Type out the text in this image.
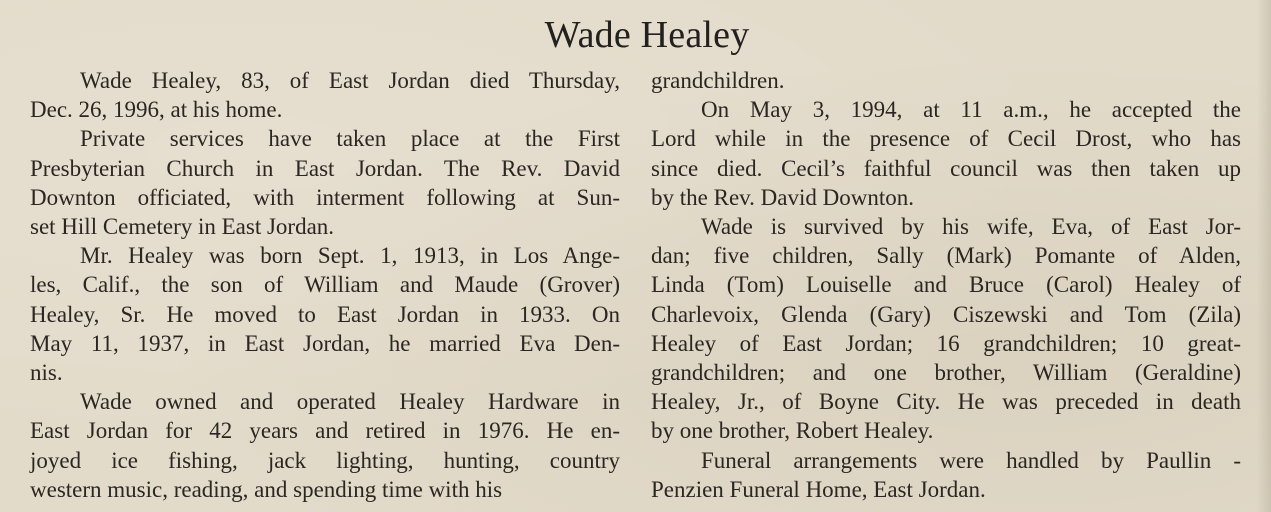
Wade Healey

Wade Healey, 83, of East Jordan died Thursday,
Dec. 26, 1996, at his home.

Private services have taken place at the First
Presbyterian Church in East Jordan. The Rev. David
Downton officiated, with interment following at Sun-
set Hill Cemetery in East Jordan.

Mr. Healey was born Sept. 1, 1913, in Los Ange-
les, Calif., the son of William and Maude (Grover)
Healey, Sr. He moved to East Jordan in 1933. On
May 11, 1937, in East Jordan, he married Eva Den-
nis.

Wade owned and operated Healey Hardware in
East Jordan for 42 years and retired in 1976. He en-
joyed ice fishing, jack lighting, hunting, country
western music, reading, and spending time with his

grandchildren.

On May 3, 1994, at 11 a.m., he accepted the
Lord while in the presence of Cecil Drost, who has
since died. Cecil’s faithful council was then taken up
by the Rev. David Downton.

Wade is survived by his wife, Eva, of East Jor-
dan; five children, Sally (Mark) Pomante of Alden,
Linda (Tom) Louiselle and Bruce (Carol) Healey of
Charlevoix, Glenda (Gary) Ciszewski and Tom (Zila)
Healey of East Jordan; 16 grandchildren; 10 great-
grandchildren; and one brother, William (Geraldine)
Healey, Jr., of Boyne City. He was preceded in death
by one brother, Robert Healey.

Funeral arrangements were handled by Paullin -
Penzien Funeral Home, East Jordan.
